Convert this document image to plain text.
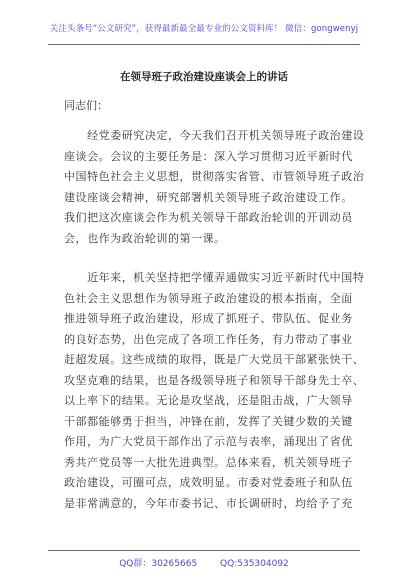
关注头条号“公文研究”，获得最新最全最专业的公文资料库！ 微信：gongwenyj
在领导班子政治建设座谈会上的讲话
同志们：
　　经党委研究决定，今天我们召开机关领导班子政治建设
座谈会。会议的主要任务是：深入学习贯彻习近平新时代
中国特色社会主义思想，贯彻落实省管、市管领导班子政治
建设座谈会精神，研究部署机关领导班子政治建设工作。
我们把这次座谈会作为机关领导干部政治轮训的开训动员
会，也作为政治轮训的第一课。
　　近年来，机关坚持把学懂弄通做实习近平新时代中国特
色社会主义思想作为领导班子政治建设的根本指南，全面
推进领导班子政治建设，形成了抓班子、带队伍、促业务
的良好态势，出色完成了各项工作任务，有力带动了事业
赶超发展。这些成绩的取得，既是广大党员干部紧张快干、
攻坚克难的结果，也是各级领导班子和领导干部身先士卒、
以上率下的结果。无论是攻坚战，还是阻击战，广大领导
干部都能够勇于担当，冲锋在前，发挥了关键少数的关键
作用，为广大党员干部作出了示范与表率，涌现出了省优
秀共产党员等一大批先进典型。总体来看，机关领导班子
政治建设，可圈可点，成效明显。市委对党委班子和队伍
是非常满意的，今年市委书记、市长调研时，均给予了充
QQ群：30265665	QQ:535304092
